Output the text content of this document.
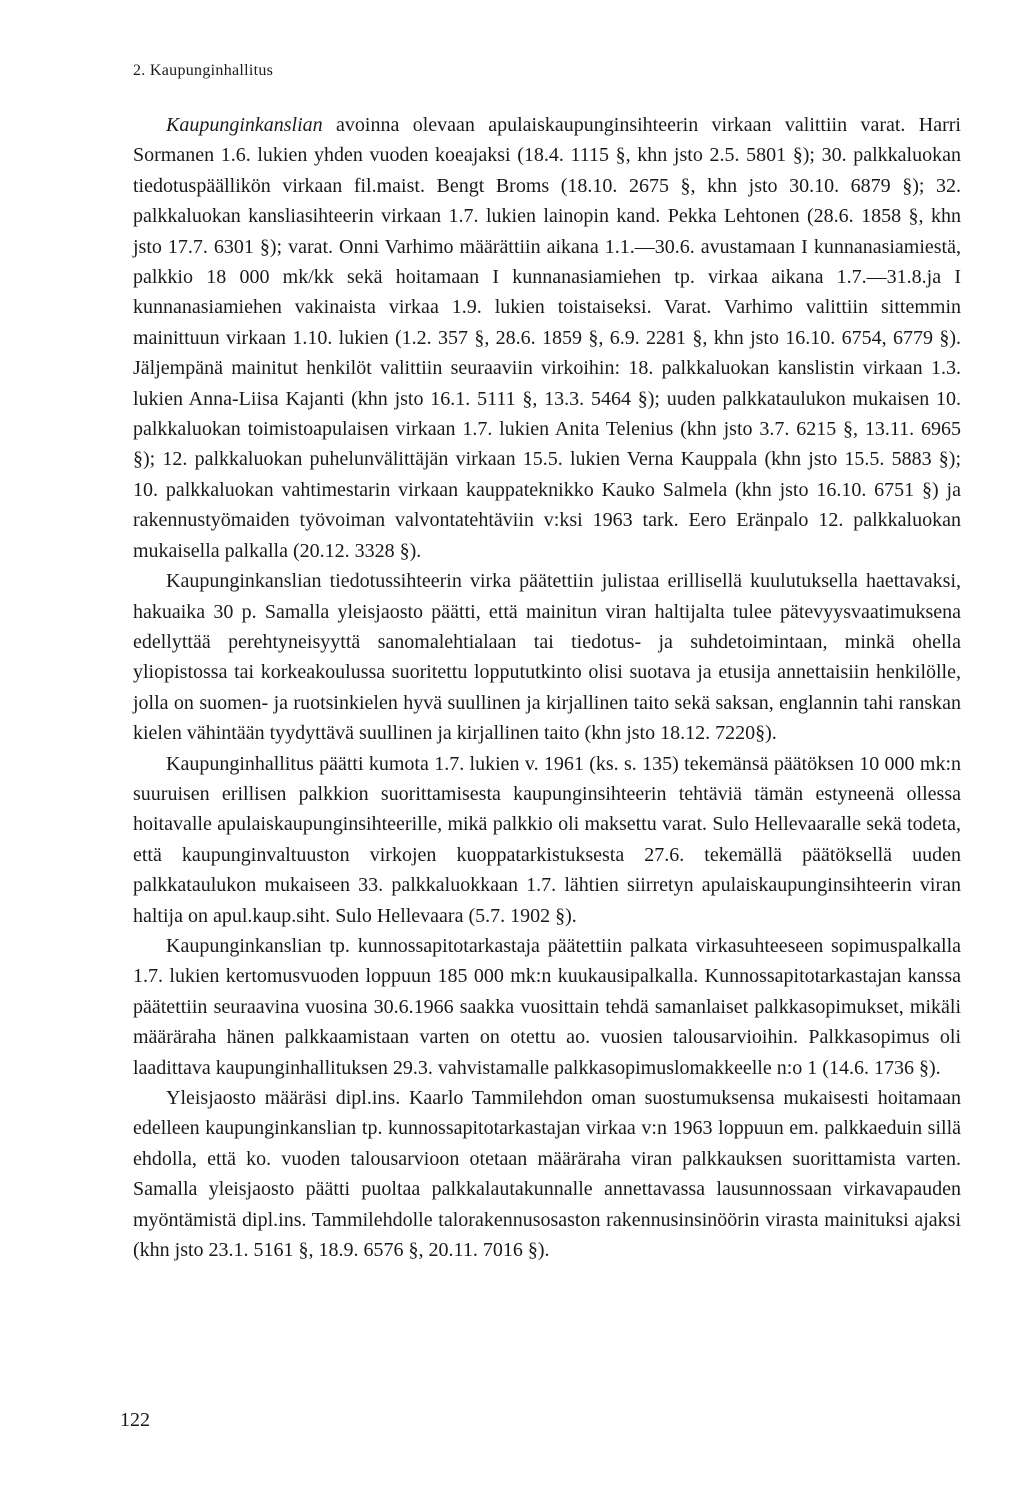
2. Kaupunginhallitus

Kaupunginkanslian avoinna olevaan apulaiskaupunginsihteerin virkaan valittiin varat. Harri Sormanen 1.6. lukien yhden vuoden koeajaksi (18.4. 1115 §, khn jsto 2.5. 5801 §); 30. palkkaluokan tiedotuspäällikön virkaan fil.maist. Bengt Broms (18.10. 2675 §, khn jsto 30.10. 6879 §); 32. palkkaluokan kansliasihteerin virkaan 1.7. lukien lainopin kand. Pekka Lehtonen (28.6. 1858 §, khn jsto 17.7. 6301 §); varat. Onni Varhimo määrättiin aikana 1.1.—30.6. avustamaan I kunnanasiamiestä, palkkio 18 000 mk/kk sekä hoitamaan I kunnanasiamiehen tp. virkaa aikana 1.7.—31.8.ja I kunnanasiamiehen vakinaista virkaa 1.9. lukien toistaiseksi. Varat. Varhimo valittiin sittemmin mainittuun virkaan 1.10. lukien (1.2. 357 §, 28.6. 1859 §, 6.9. 2281 §, khn jsto 16.10. 6754, 6779 §). Jäljempänä mainitut henkilöt valittiin seuraaviin virkoihin: 18. palkkaluokan kanslistin virkaan 1.3. lukien Anna-Liisa Kajanti (khn jsto 16.1. 5111 §, 13.3. 5464 §); uuden palkkataulukon mukaisen 10. palkkaluokan toimistoapulaisen virkaan 1.7. lukien Anita Telenius (khn jsto 3.7. 6215 §, 13.11. 6965 §); 12. palkkaluokan puhelunvälittäjän virkaan 15.5. lukien Verna Kauppala (khn jsto 15.5. 5883 §); 10. palkkaluokan vahtimestarin virkaan kauppateknikko Kauko Salmela (khn jsto 16.10. 6751 §) ja rakennustyömaiden työvoiman valvontatehtäviin v:ksi 1963 tark. Eero Eränpalo 12. palkkaluokan mukaisella palkalla (20.12. 3328 §).

Kaupunginkanslian tiedotussihteerin virka päätettiin julistaa erillisellä kuulutuksella haettavaksi, hakuaika 30 p. Samalla yleisjaosto päätti, että mainitun viran haltijalta tulee pätevyysvaatimuksena edellyttää perehtyneisyyttä sanomalehtialaan tai tiedotus- ja suhdetoimintaan, minkä ohella yliopistossa tai korkeakoulussa suoritettu loppututkinto olisi suotava ja etusija annettaisiin henkilölle, jolla on suomen- ja ruotsinkielen hyvä suullinen ja kirjallinen taito sekä saksan, englannin tahi ranskan kielen vähintään tyydyttävä suullinen ja kirjallinen taito (khn jsto 18.12. 7220§).

Kaupunginhallitus päätti kumota 1.7. lukien v. 1961 (ks. s. 135) tekemänsä päätöksen 10 000 mk:n suuruisen erillisen palkkion suorittamisesta kaupunginsihteerin tehtäviä tämän estyneenä ollessa hoitavalle apulaiskaupunginsihteerille, mikä palkkio oli maksettu varat. Sulo Hellevaaralle sekä todeta, että kaupunginvaltuuston virkojen kuoppatarkistuksesta 27.6. tekemällä päätöksellä uuden palkkataulukon mukaiseen 33. palkkaluokkaan 1.7. lähtien siirretyn apulaiskaupunginsihteerin viran haltija on apul.kaup.siht. Sulo Hellevaara (5.7. 1902 §).

Kaupunginkanslian tp. kunnossapitotarkastaja päätettiin palkata virkasuhteeseen sopimuspalkalla 1.7. lukien kertomusvuoden loppuun 185 000 mk:n kuukausipalkalla. Kunnossapitotarkastajan kanssa päätettiin seuraavina vuosina 30.6.1966 saakka vuosittain tehdä samanlaiset palkkasopimukset, mikäli määräraha hänen palkkaamistaan varten on otettu ao. vuosien talousarvioihin. Palkkasopimus oli laadittava kaupunginhallituksen 29.3. vahvistamalle palkkasopimuslomakkeelle n:o 1 (14.6. 1736 §).

Yleisjaosto määräsi dipl.ins. Kaarlo Tammilehdon oman suostumuksensa mukaisesti hoitamaan edelleen kaupunginkanslian tp. kunnossapitotarkastajan virkaa v:n 1963 loppuun em. palkkaeduin sillä ehdolla, että ko. vuoden talousarvioon otetaan määräraha viran palkkauksen suorittamista varten. Samalla yleisjaosto päätti puoltaa palkkalautakunnalle annettavassa lausunnossaan virkavapauden myöntämistä dipl.ins. Tammilehdolle talorakennusosaston rakennusinsinöörin virasta mainituksi ajaksi (khn jsto 23.1. 5161 §, 18.9. 6576 §, 20.11. 7016 §).

122
